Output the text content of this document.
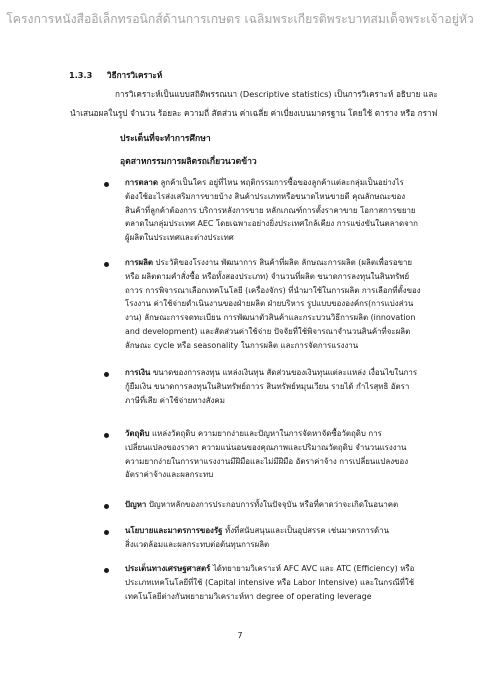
โครงการหนังสืออิเล็กทรอนิกส์ด้านการเกษตร เฉลิมพระเกียรติพระบาทสมเด็จพระเจ้าอยู่หัว
1.3.3 วิธีการวิเคราะห์
การวิเคราะห์เป็นแบบสถิติพรรณนา (Descriptive statistics) เป็นการวิเคราะห์ อธิบาย และ
นำเสนอผลในรูป จำนวน ร้อยละ ความถี่ สัดส่วน ค่าเฉลี่ย ค่าเบี่ยงเบนมาตรฐาน โดยใช้ ตาราง หรือ กราฟ
ประเด็นที่จะทำการศึกษา
อุตสาหกรรมการผลิตรถเกี่ยวนวดข้าว
การตลาด ลูกค้าเป็นใคร อยู่ที่ไหน พฤติกรรมการซื้อของลูกค้าแต่ละกลุ่มเป็นอย่างไร
ต้องใช้อะไรส่งเสริมการขายบ้าง สินค้าประเภทหรือขนาดไหนขายดี คุณลักษณะของ
สินค้าที่ลูกค้าต้องการ บริการหลังการขาย หลักเกณฑ์การตั้งราคาขาย โอกาสการขยาย
ตลาดในกลุ่มประเทศ AEC โดยเฉพาะอย่างยิ่งประเทศใกล้เคียง การแข่งขันในตลาดจาก
ผู้ผลิตในประเทศและต่างประเทศ
การผลิต ประวัติของโรงงาน พัฒนาการ สินค้าที่ผลิต ลักษณะการผลิต (ผลิตเพื่อรอขาย
หรือ ผลิตตามคำสั่งซื้อ หรือทั้งสองประเภท) จำนวนที่ผลิต ขนาดการลงทุนในสินทรัพย์
ถาวร การพิจารณาเลือกเทคโนโลยี (เครื่องจักร) ที่นำมาใช้ในการผลิต การเลือกที่ตั้งของ
โรงงาน ค่าใช้จ่ายดำเนินงานของฝ่ายผลิต ฝ่ายบริหาร รูปแบบขององค์กร(การแบ่งส่วน
งาน) ลักษณะการจดทะเบียน การพัฒนาตัวสินค้าและกระบวนวิธีการผลิต (innovation
and development) และสัดส่วนค่าใช้จ่าย ปัจจัยที่ใช้พิจารณาจำนวนสินค้าที่จะผลิต
ลักษณะ cycle หรือ seasonality ในการผลิต และการจัดการแรงงาน
การเงิน ขนาดของการลงทุน แหล่งเงินทุน สัดส่วนของเงินทุนแต่ละแหล่ง เงื่อนไขในการ
กู้ยืมเงิน ขนาดการลงทุนในสินทรัพย์ถาวร สินทรัพย์หมุนเวียน รายได้ กำไรสุทธิ อัตรา
ภาษีที่เสีย ค่าใช้จ่ายทางสังคม
วัตถุดิบ แหล่งวัตถุดิบ ความยากง่ายและปัญหาในการจัดหาจัดซื้อวัตถุดิบ การ
เปลี่ยนแปลงของราคา ความแน่นอนของคุณภาพและปริมาณวัตถุดิบ จำนวนแรงงาน
ความยากง่ายในการหาแรงงานมีฝีมือและไม่มีฝีมือ อัตราค่าจ้าง การเปลี่ยนแปลงของ
อัตราค่าจ้างและผลกระทบ
ปัญหา ปัญหาหลักของการประกอบการทั้งในปัจจุบัน หรือที่คาดว่าจะเกิดในอนาคต
นโยบายและมาตรการของรัฐ ทั้งที่สนับสนุนและเป็นอุปสรรค เช่นมาตรการด้าน
สิ่งแวดล้อมและผลกระทบต่อต้นทุนการผลิต
ประเด็นทางเศรษฐศาสตร์ ได้ทยายามวิเคราะห์ AFC AVC และ ATC (Efficiency) หรือ
ประเภทเทคโนโลยีที่ใช้ (Capital intensive หรือ Labor Intensive) และในกรณีที่ใช้
เทคโนโลยีต่างกันพยายามวิเคราะห์หา degree of operating leverage
7
